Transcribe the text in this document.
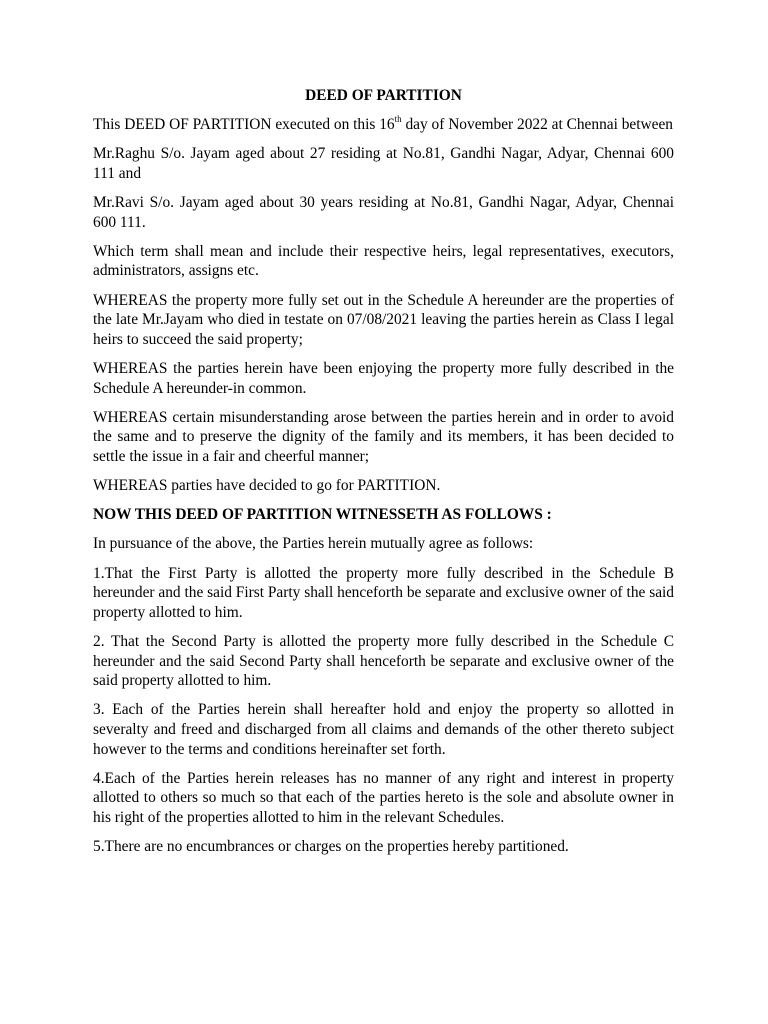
DEED OF PARTITION

This DEED OF PARTITION executed on this 16th day of November 2022 at Chennai between

Mr.Raghu S/o. Jayam aged about 27 residing at No.81, Gandhi Nagar, Adyar, Chennai 600 111 and

Mr.Ravi S/o. Jayam aged about 30 years residing at No.81, Gandhi Nagar, Adyar, Chennai 600 111.

Which term shall mean and include their respective heirs, legal representatives, executors, administrators, assigns etc.

WHEREAS the property more fully set out in the Schedule A hereunder are the properties of the late Mr.Jayam who died in testate on 07/08/2021 leaving the parties herein as Class I legal heirs to succeed the said property;

WHEREAS the parties herein have been enjoying the property more fully described in the Schedule A hereunder-in common.

WHEREAS certain misunderstanding arose between the parties herein and in order to avoid the same and to preserve the dignity of the family and its members, it has been decided to settle the issue in a fair and cheerful manner;

WHEREAS parties have decided to go for PARTITION.

NOW THIS DEED OF PARTITION WITNESSETH AS FOLLOWS :

In pursuance of the above, the Parties herein mutually agree as follows:

1.That the First Party is allotted the property more fully described in the Schedule B hereunder and the said First Party shall henceforth be separate and exclusive owner of the said property allotted to him.

2. That the Second Party is allotted the property more fully described in the Schedule C hereunder and the said Second Party shall henceforth be separate and exclusive owner of the said property allotted to him.

3. Each of the Parties herein shall hereafter hold and enjoy the property so allotted in severalty and freed and discharged from all claims and demands of the other thereto subject however to the terms and conditions hereinafter set forth.

4.Each of the Parties herein releases has no manner of any right and interest in property allotted to others so much so that each of the parties hereto is the sole and absolute owner in his right of the properties allotted to him in the relevant Schedules.

5.There are no encumbrances or charges on the properties hereby partitioned.
